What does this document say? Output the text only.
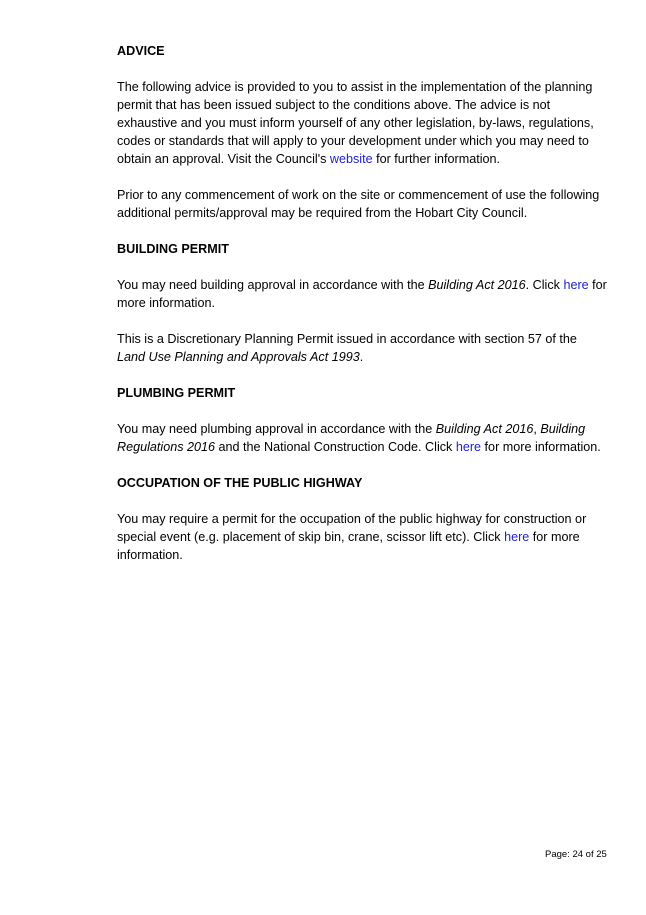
ADVICE

The following advice is provided to you to assist in the implementation of the planning permit that has been issued subject to the conditions above. The advice is not exhaustive and you must inform yourself of any other legislation, by-laws, regulations, codes or standards that will apply to your development under which you may need to obtain an approval. Visit the Council's website for further information.

Prior to any commencement of work on the site or commencement of use the following additional permits/approval may be required from the Hobart City Council.

BUILDING PERMIT

You may need building approval in accordance with the Building Act 2016. Click here for more information.

This is a Discretionary Planning Permit issued in accordance with section 57 of the Land Use Planning and Approvals Act 1993.

PLUMBING PERMIT

You may need plumbing approval in accordance with the Building Act 2016, Building Regulations 2016 and the National Construction Code. Click here for more information.

OCCUPATION OF THE PUBLIC HIGHWAY

You may require a permit for the occupation of the public highway for construction or special event (e.g. placement of skip bin, crane, scissor lift etc). Click here for more information.

Page: 24 of 25
